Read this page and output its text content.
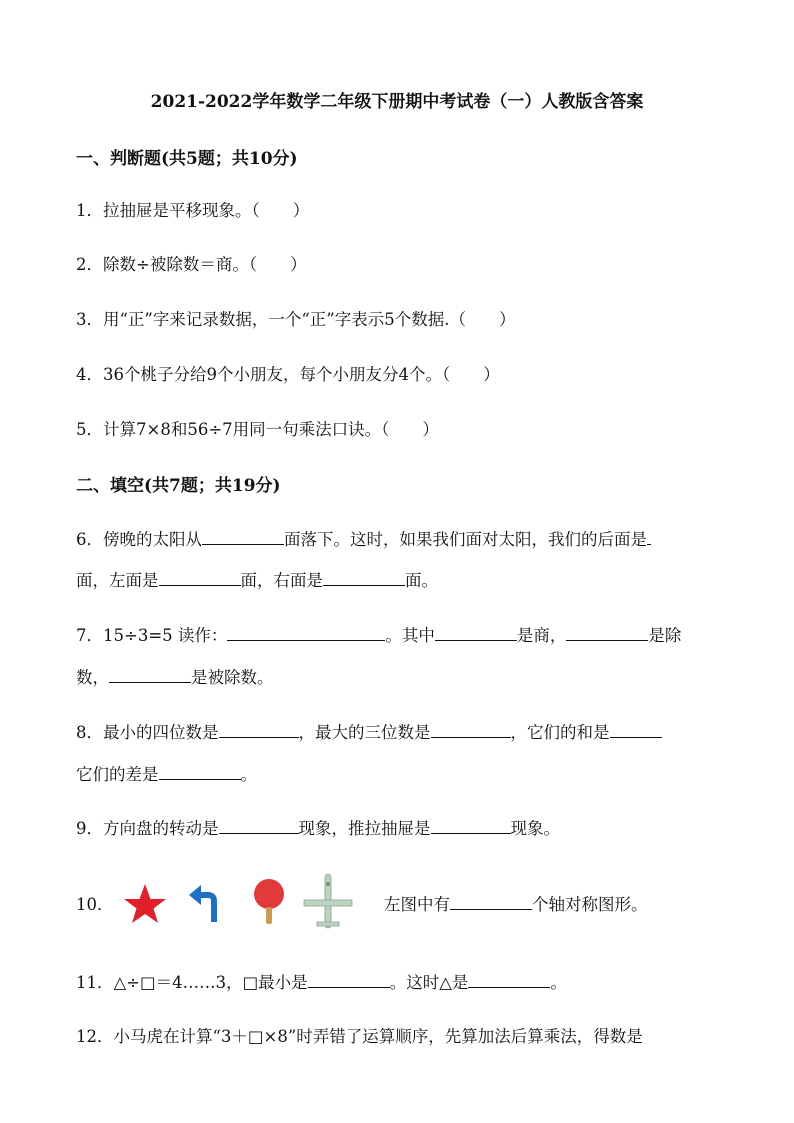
2021-2022学年数学二年级下册期中考试卷（一）人教版含答案
一、判断题(共5题；共10分)
1．拉抽屉是平移现象。（　　）
2．除数÷被除数＝商。（　　）
3．用“正”字来记录数据，一个“正”字表示5个数据.（　　）
4．36个桃子分给9个小朋友，每个小朋友分4个。（　　）
5．计算7×8和56÷7用同一句乘法口诀。（　　）
二、填空(共7题；共19分)
6．傍晚的太阳从	面落下。这时，如果我们面对太阳，我们的后面是
面，左面是	面，右面是	面。
7．15÷3=5 读作：	。其中	是商，	是除
数，	是被除数。
8．最小的四位数是	，最大的三位数是	，它们的和是
它们的差是	。
9．方向盘的转动是	现象，推拉抽屉是	现象。
10．	左图中有	个轴对称图形。
11．△÷□＝4……3，□最小是	。这时△是	。
12．小马虎在计算“3＋□×8”时弄错了运算顺序，先算加法后算乘法，得数是
